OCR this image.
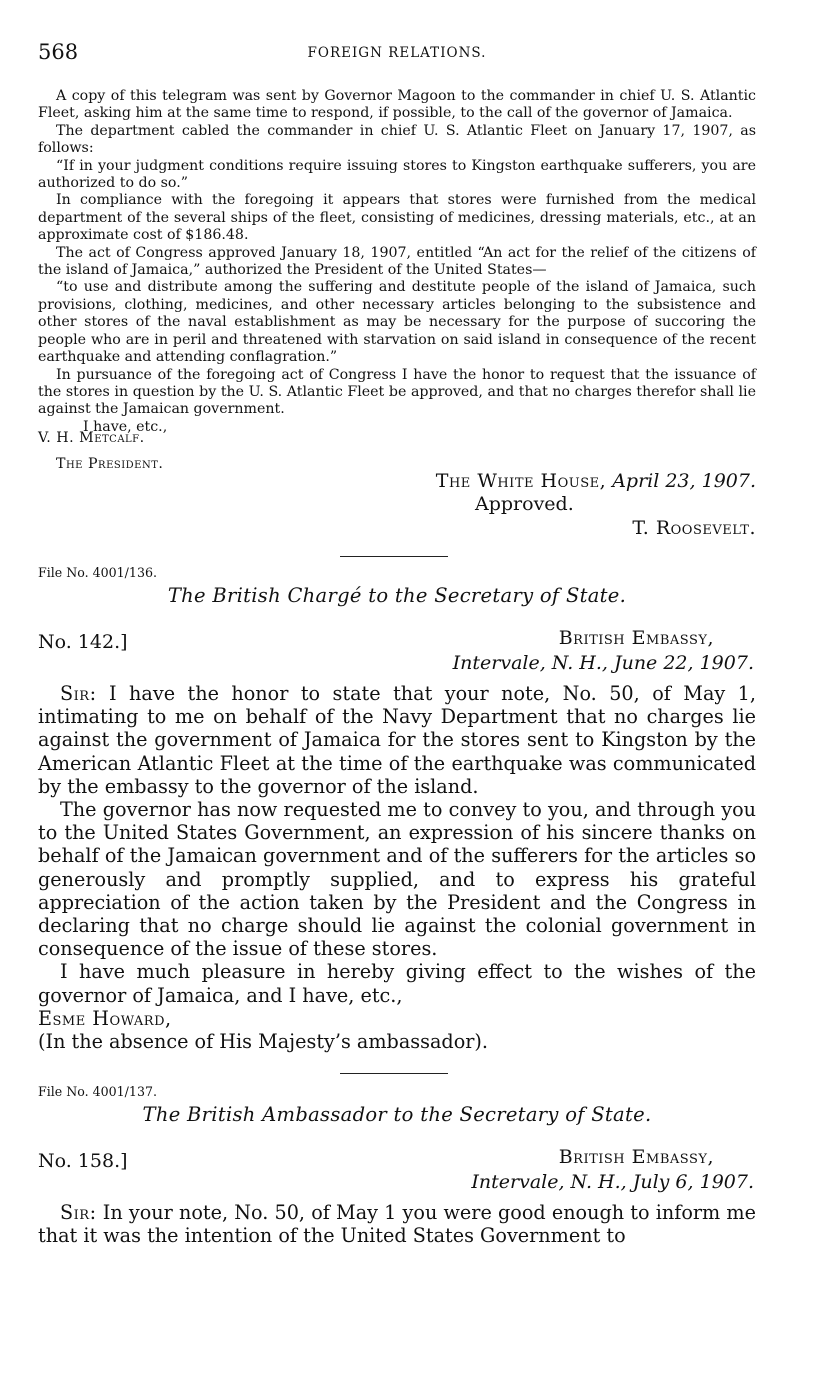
568	FOREIGN RELATIONS.

A copy of this telegram was sent by Governor Magoon to the commander in chief U. S. Atlantic Fleet, asking him at the same time to respond, if possible, to the call of the governor of Jamaica.

The department cabled the commander in chief U. S. Atlantic Fleet on January 17, 1907, as follows:

“If in your judgment conditions require issuing stores to Kingston earthquake sufferers, you are authorized to do so.”

In compliance with the foregoing it appears that stores were furnished from the medical department of the several ships of the fleet, consisting of medicines, dressing materials, etc., at an approximate cost of $186.48.

The act of Congress approved January 18, 1907, entitled “An act for the relief of the citizens of the island of Jamaica,” authorized the President of the United States—

“to use and distribute among the suffering and destitute people of the island of Jamaica, such provisions, clothing, medicines, and other necessary articles belonging to the subsistence and other stores of the naval establishment as may be necessary for the purpose of succoring the people who are in peril and threatened with starvation on said island in consequence of the recent earthquake and attending conflagration.”

In pursuance of the foregoing act of Congress I have the honor to request that the issuance of the stores in question by the U. S. Atlantic Fleet be approved, and that no charges therefor shall lie against the Jamaican government.

I have, etc.,

V. H. Metcalf.

The President.

The White House, April 23, 1907.
Approved.
T. Roosevelt.

File No. 4001/136.

The British Chargé to the Secretary of State.

No. 142.]	British Embassy,
Intervale, N. H., June 22, 1907.

Sir: I have the honor to state that your note, No. 50, of May 1, intimating to me on behalf of the Navy Department that no charges lie against the government of Jamaica for the stores sent to Kingston by the American Atlantic Fleet at the time of the earthquake was communicated by the embassy to the governor of the island.

The governor has now requested me to convey to you, and through you to the United States Government, an expression of his sincere thanks on behalf of the Jamaican government and of the sufferers for the articles so generously and promptly supplied, and to express his grateful appreciation of the action taken by the President and the Congress in declaring that no charge should lie against the colonial government in consequence of the issue of these stores.

I have much pleasure in hereby giving effect to the wishes of the governor of Jamaica, and I have, etc.,

Esme Howard,

(In the absence of His Majesty’s ambassador).

File No. 4001/137.

The British Ambassador to the Secretary of State.

No. 158.]	British Embassy,
Intervale, N. H., July 6, 1907.

Sir: In your note, No. 50, of May 1 you were good enough to inform me that it was the intention of the United States Government to
